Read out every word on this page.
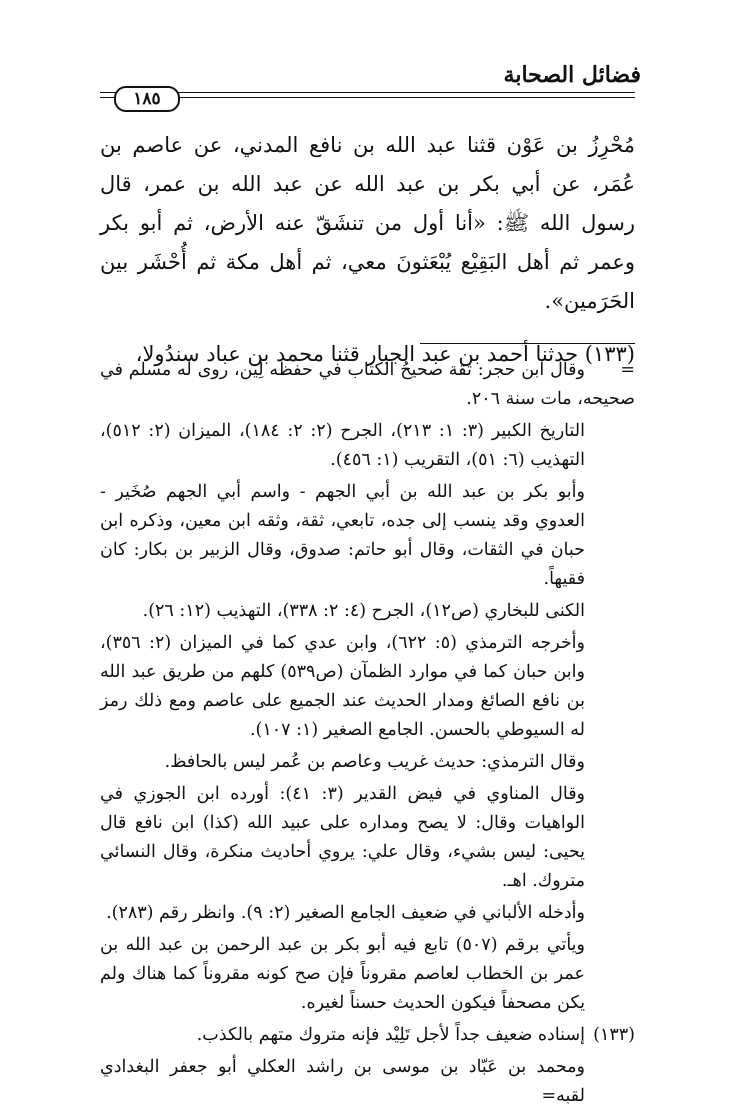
فضائل الصحابة
١٨٥

مُحْرِزُ بن عَوْن قثنا عبد الله بن نافع المدني، عن عاصم بن عُمَر، عن أبي بكر بن عبد الله عن عبد الله بن عمر، قال رسول الله ﷺ: «أنا أول من تنشَقّ عنه الأرض، ثم أبو بكر وعمر ثم أهل البَقِيْع يُبْعَثونَ معي، ثم أهل مكة ثم أُحْشَر بين الحَرَمين».

(١٣٣) حدثنا أحمد بن عبد الجبار قثنا محمد بن عباد سندُولا،

=
وقال ابن حجر: ثقة صحيحُ الكتاب في حفظه لِين، روى له مسلم في صحيحه، مات سنة ٢٠٦.

التاريخ الكبير (٣: ١: ٢١٣)، الجرح (٢: ٢: ١٨٤)، الميزان (٢: ٥١٢)، التهذيب (٦: ٥١)، التقريب (١: ٤٥٦).

وأبو بكر بن عبد الله بن أبي الجهم - واسم أبي الجهم صُخَير - العدوي وقد ينسب إلى جده، تابعي، ثقة، وثقه ابن معين، وذكره ابن حبان في الثقات، وقال أبو حاتم: صدوق، وقال الزبير بن بكار: كان فقيهاً.

الكنى للبخاري (ص١٢)، الجرح (٤: ٢: ٣٣٨)، التهذيب (١٢: ٢٦).

وأخرجه الترمذي (٥: ٦٢٢)، وابن عدي كما في الميزان (٢: ٣٥٦)، وابن حبان كما في موارد الظمآن (ص٥٣٩) كلهم من طريق عبد الله بن نافع الصائغ ومدار الحديث عند الجميع على عاصم ومع ذلك رمز له السيوطي بالحسن. الجامع الصغير (١: ١٠٧).

وقال الترمذي: حديث غريب وعاصم بن عُمر ليس بالحافظ.

وقال المناوي في فيض القدير (٣: ٤١): أورده ابن الجوزي في الواهيات وقال: لا يصح ومداره على عبيد الله (كذا) ابن نافع قال يحيى: ليس بشيء، وقال علي: يروي أحاديث منكرة، وقال النسائي متروك. اهـ.

وأدخله الألباني في ضعيف الجامع الصغير (٢: ٩). وانظر رقم (٢٨٣).

ويأتي برقم (٥٠٧) تابع فيه أبو بكر بن عبد الرحمن بن عبد الله بن عمر بن الخطاب لعاصم مقروناً فإن صح كونه مقروناً كما هناك ولم يكن مصحفاً فيكون الحديث حسناً لغيره.

(١٣٣)
إسناده ضعيف جداً لأجل تَلِيْد فإنه متروك متهم بالكذب.

ومحمد بن عَبّاد بن موسى بن راشد العكلي أبو جعفر البغدادي لقبه=
